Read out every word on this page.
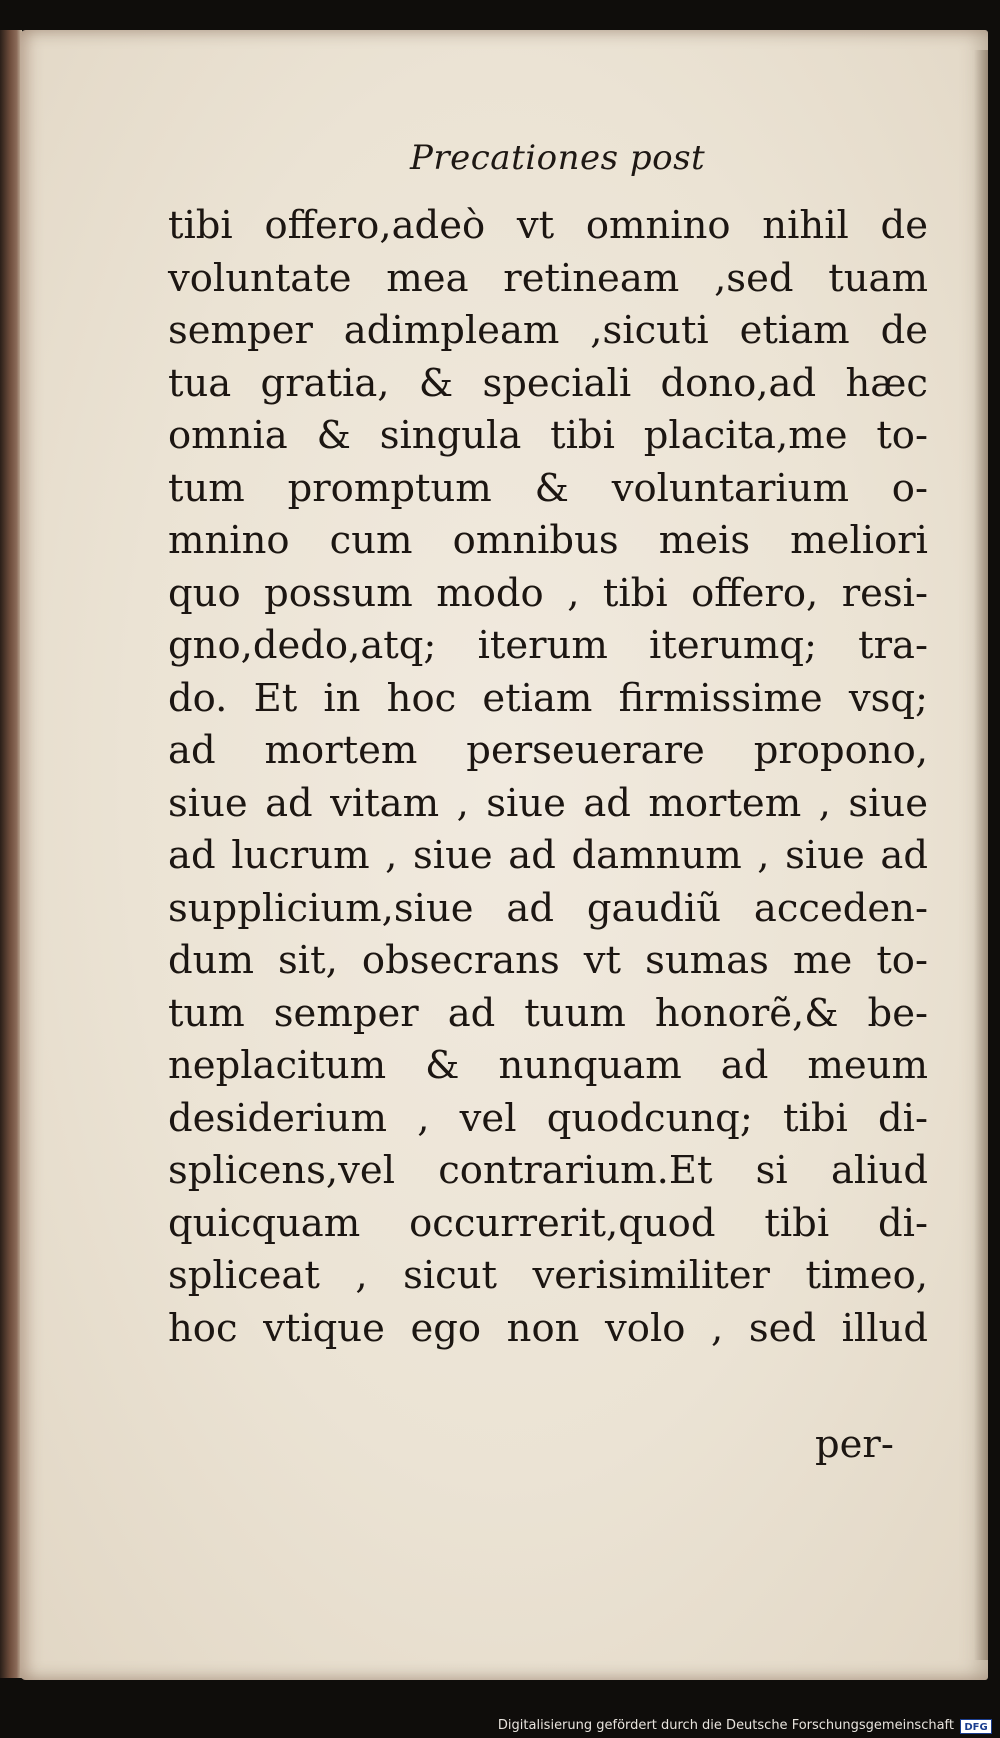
Precationes post
tibi offero,adeò vt omnino nihil de
voluntate mea retineam ,sed tuam
semper adimpleam ,sicuti etiam de
tua gratia, & speciali dono,ad hæc
omnia & singula tibi placita,me to-
tum promptum & voluntarium o-
mnino cum omnibus meis meliori
quo possum modo , tibi offero, resi-
gno,dedo,atq; iterum iterumq; tra-
do. Et in hoc etiam firmissime vsq;
ad mortem perseuerare propono,
siue ad vitam , siue ad mortem , siue
ad lucrum , siue ad damnum , siue ad
supplicium,siue ad gaudiũ acceden-
dum sit, obsecrans vt sumas me to-
tum semper ad tuum honorẽ,& be-
neplacitum & nunquam ad meum
desiderium , vel quodcunq; tibi di-
splicens,vel contrarium.Et si aliud
quicquam occurrerit,quod tibi di-
spliceat , sicut verisimiliter timeo,
hoc vtique ego non volo , sed illud
per-
Digitalisierung gefördert durch die Deutsche Forschungsgemeinschaft	DFG
